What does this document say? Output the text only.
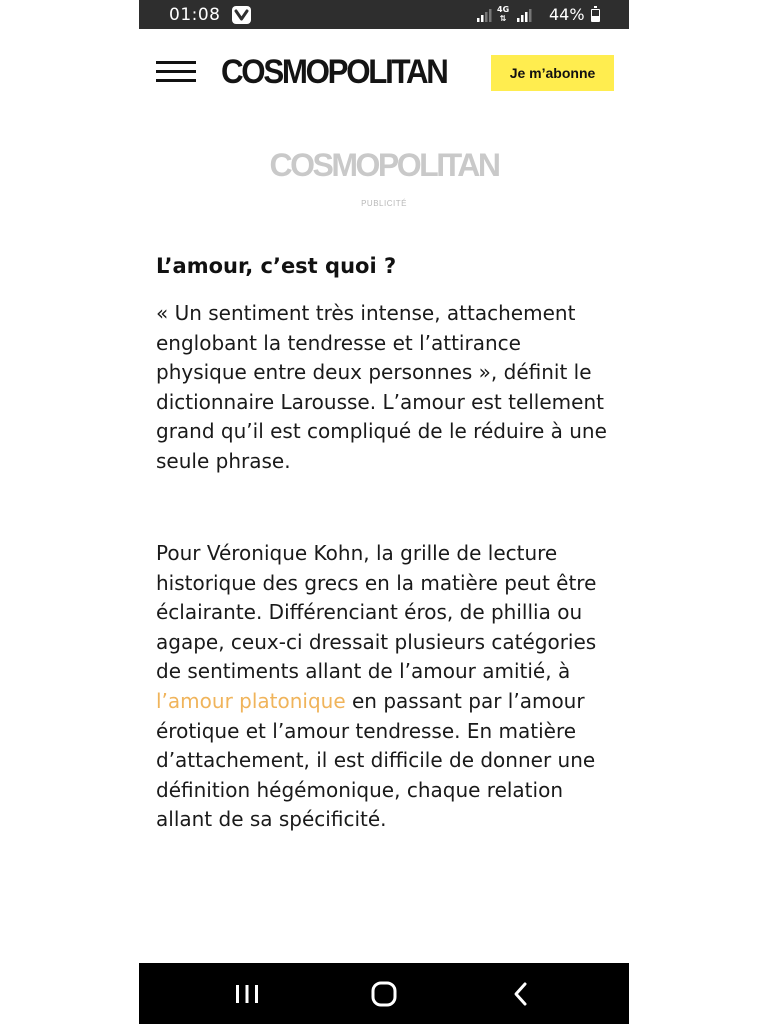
01:08	4G
⇅	44%
COSMOPOLITAN	Je m’abonne
COSMOPOLITAN
PUBLICITÉ
L’amour, c’est quoi ?

« Un sentiment très intense, attachement englobant la tendresse et l’attirance physique entre deux personnes », définit le dictionnaire Larousse. L’amour est tellement grand qu’il est compliqué de le réduire à une seule phrase.

Pour Véronique Kohn, la grille de lecture historique des grecs en la matière peut être éclairante. Différenciant éros, de phillia ou agape, ceux-ci dressait plusieurs catégories de sentiments allant de l’amour amitié, à l’amour platonique en passant par l’amour érotique et l’amour tendresse. En matière d’attachement, il est difficile de donner une définition hégémonique, chaque relation allant de sa spécificité.
